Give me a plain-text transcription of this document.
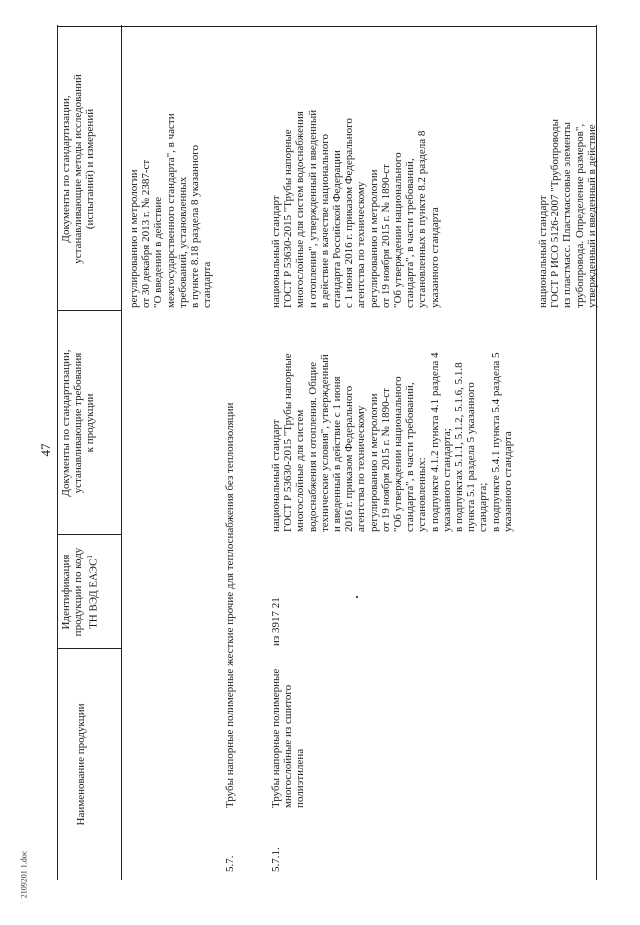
47
2109201 1.doc
Наименование продукции
Идентификация продукции по коду ТН ВЭД ЕАЭС$^1$
Документы по стандартизации, устанавливающие требования к продукции
Документы по стандартизации, устанавливающие методы исследований (испытаний) и измерений
регулированию и метрологии от 30 декабря 2013 г. № 2387-ст "О введении в действие межгосударственного стандарта", в части требований, установленных в пункте 8.18 раздела 8 указанного стандарта
5.7.
Трубы напорные полимерные жесткие прочие для теплоснабжения без теплоизоляции
5.7.1.
Трубы напорные полимерные многослойные из сшитого полиэтилена
из 3917 21
национальный стандарт ГОСТ Р 53630-2015 "Трубы напорные многослойные для систем водоснабжения и отопления. Общие технические условия", утвержденный и введенный в действие с 1 июня 2016 г. приказом Федерального агентства по техническому регулированию и метрологии от 19 ноября 2015 г. № 1890-ст "Об утверждении национального стандарта", в части требований, установленных: в подпункте 4.1.2 пункта 4.1 раздела 4 указанного стандарта; в подпунктах 5.1.1, 5.1.2, 5.1.6, 5.1.8 пункта 5.1 раздела 5 указанного стандарта; в подпункте 5.4.1 пункта 5.4 раздела 5 указанного стандарта
национальный стандарт ГОСТ Р 53630-2015 "Трубы напорные многослойные для систем водоснабжения и отопления", утвержденный и введенный в действие в качестве национального стандарта Российской Федерации с 1 июня 2016 г. приказом Федерального агентства по техническому регулированию и метрологии от 19 ноября 2015 г. № 1890-ст "Об утверждении национального стандарта", в части требований, установленных в пункте 8.2 раздела 8 указанного стандарта	национальный стандарт ГОСТ Р ИСО 5126-2007 "Трубопроводы из пластмасс. Пластмассовые элементы трубопровода. Определение размеров", утвержденный и введенный в действие
